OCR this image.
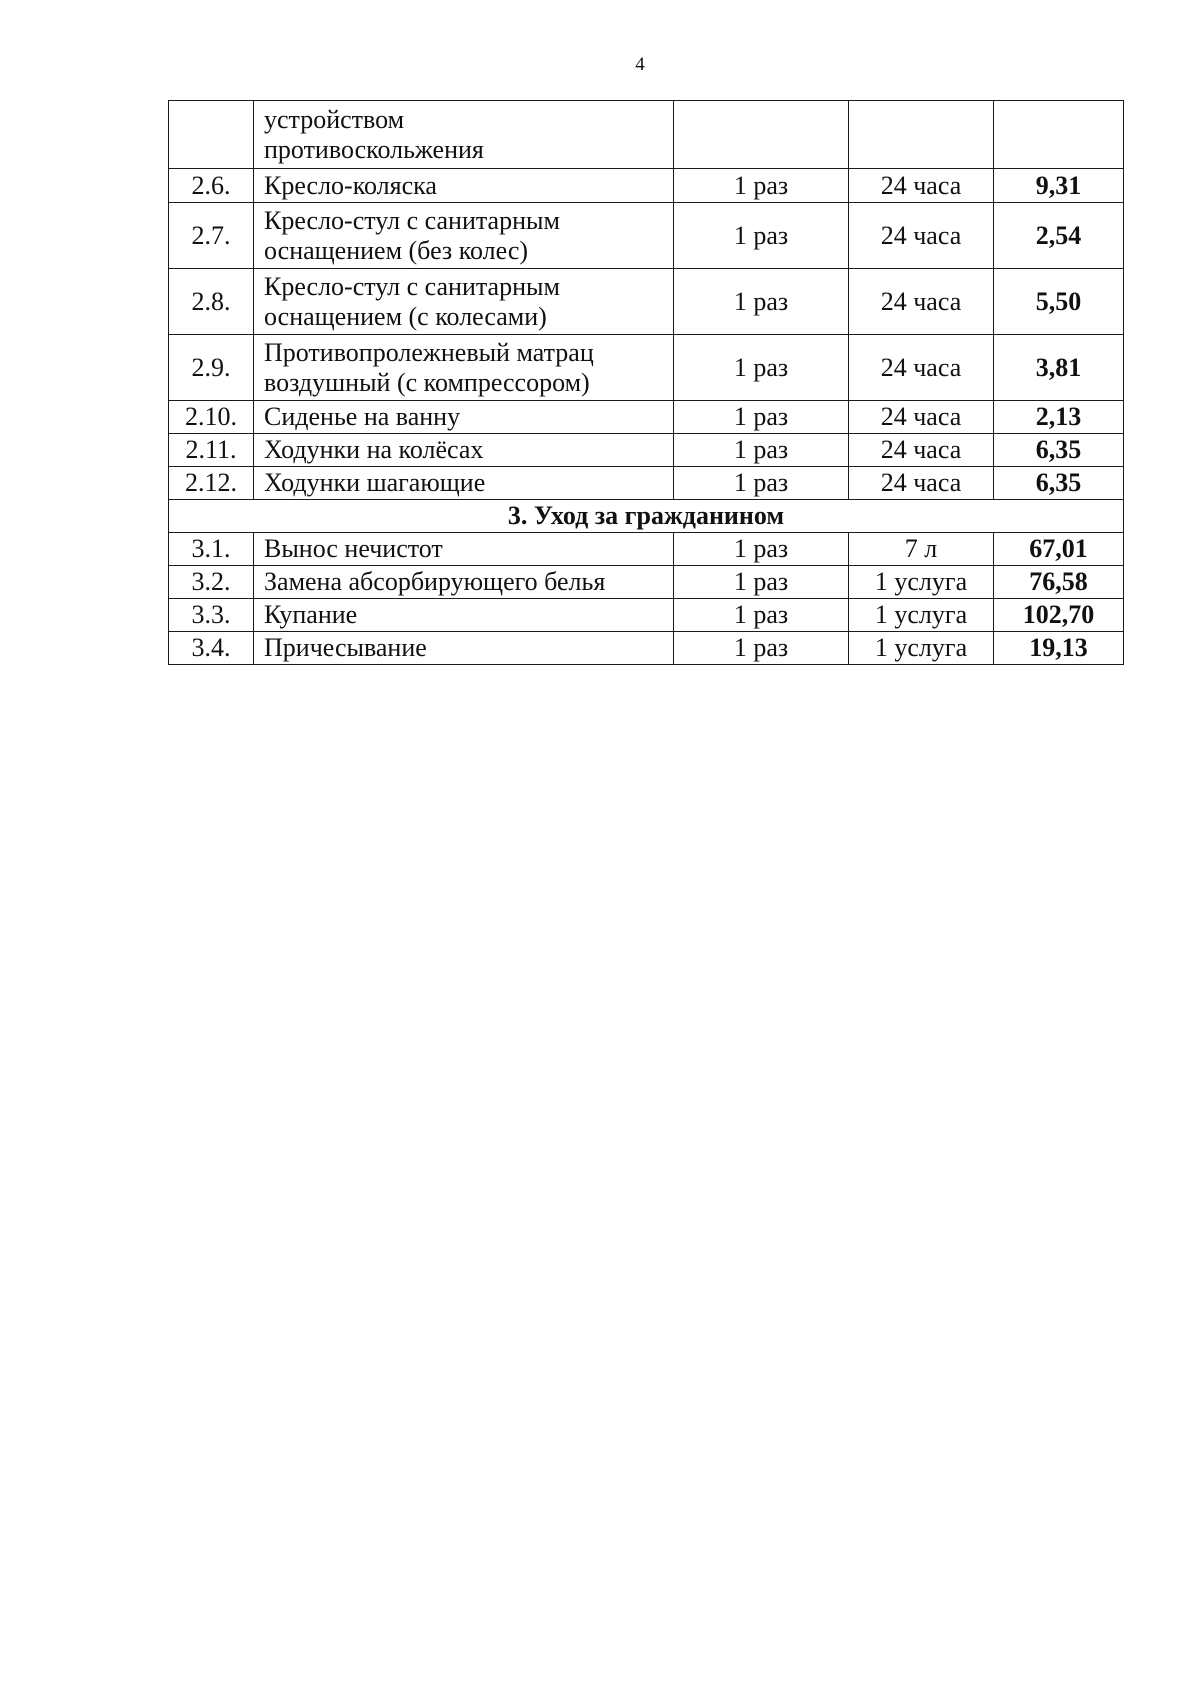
4

	устройством
противоскольжения			

2.6.	Кресло-коляска	1 раз	24 часа	9,31
2.7.	Кресло-стул с санитарным оснащением (без колес)	1 раз	24 часа	2,54
2.8.	Кресло-стул с санитарным оснащением (с колесами)	1 раз	24 часа	5,50
2.9.	Противопролежневый матрац воздушный (с компрессором)	1 раз	24 часа	3,81
2.10.	Сиденье на ванну	1 раз	24 часа	2,13
2.11.	Ходунки на колёсах	1 раз	24 часа	6,35
2.12.	Ходунки шагающие	1 раз	24 часа	6,35
3. Уход за гражданином				
3.1.	Вынос нечистот	1 раз	7 л	67,01
3.2.	Замена абсорбирующего белья	1 раз	1 услуга	76,58
3.3.	Купание	1 раз	1 услуга	102,70
3.4.	Причесывание	1 раз	1 услуга	19,13
